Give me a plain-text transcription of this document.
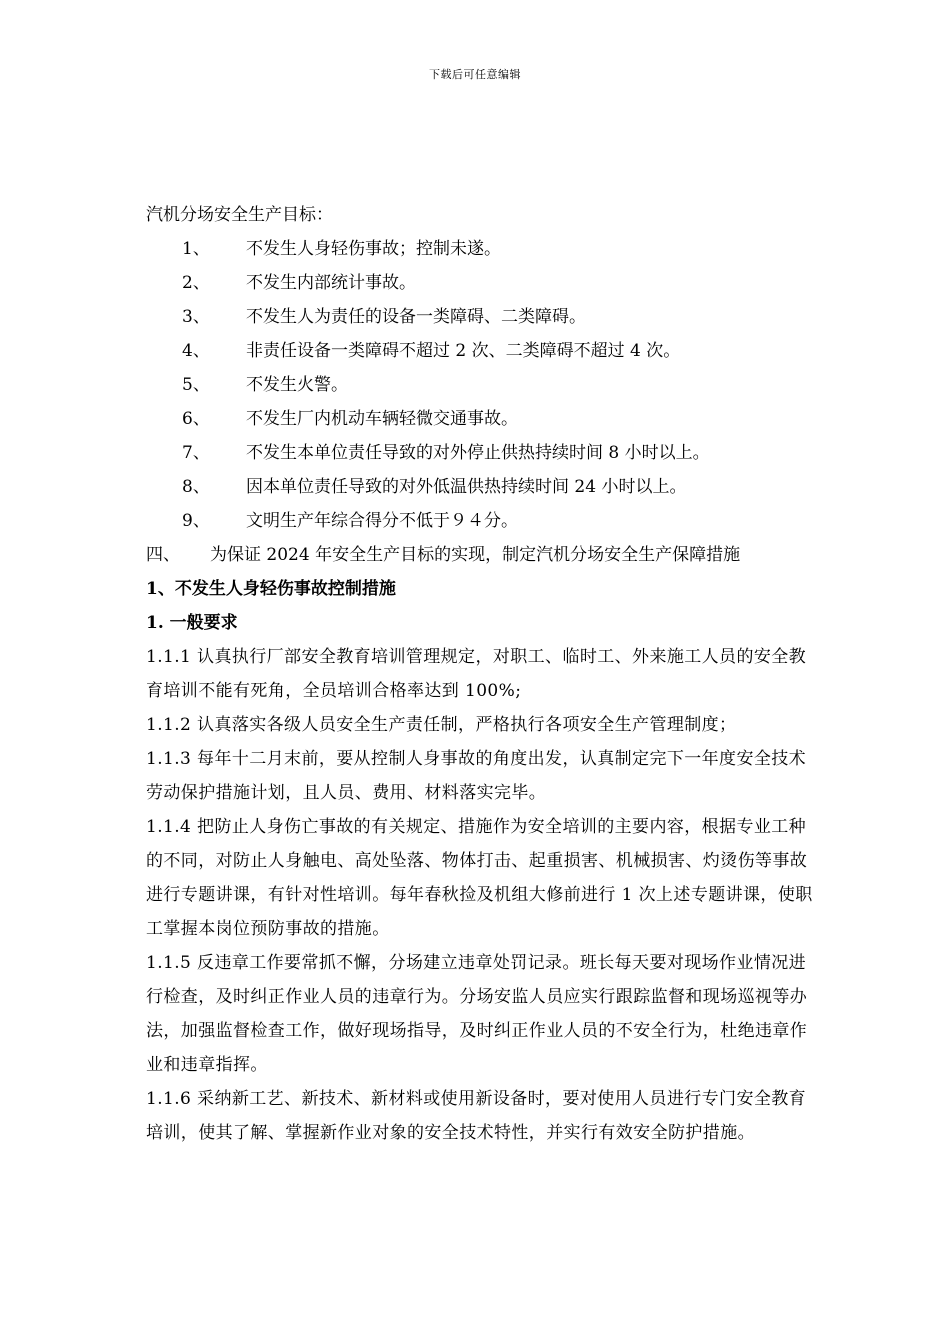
下载后可任意编辑
汽机分场安全生产目标：
1、 不发生人身轻伤事故；控制未遂。
2、 不发生内部统计事故。
3、 不发生人为责任的设备一类障碍、二类障碍。
4、 非责任设备一类障碍不超过 2 次、二类障碍不超过 4 次。
5、 不发生火警。
6、 不发生厂内机动车辆轻微交通事故。
7、 不发生本单位责任导致的对外停止供热持续时间 8 小时以上。
8、 因本单位责任导致的对外低温供热持续时间 24 小时以上。
9、 文明生产年综合得分不低于９４分。
四、 为保证 2024 年安全生产目标的实现，制定汽机分场安全生产保障措施
1、不发生人身轻伤事故控制措施
1. 一般要求
1.1.1 认真执行厂部安全教育培训管理规定，对职工、临时工、外来施工人员的安全教育培训不能有死角，全员培训合格率达到 100%;
1.1.2 认真落实各级人员安全生产责任制，严格执行各项安全生产管理制度；
1.1.3 每年十二月末前，要从控制人身事故的角度出发，认真制定完下一年度安全技术劳动保护措施计划，且人员、费用、材料落实完毕。
1.1.4 把防止人身伤亡事故的有关规定、措施作为安全培训的主要内容，根据专业工种的不同，对防止人身触电、高处坠落、物体打击、起重损害、机械损害、灼烫伤等事故进行专题讲课，有针对性培训。每年春秋捡及机组大修前进行 1 次上述专题讲课，使职工掌握本岗位预防事故的措施。
1.1.5 反违章工作要常抓不懈，分场建立违章处罚记录。班长每天要对现场作业情况进行检查，及时纠正作业人员的违章行为。分场安监人员应实行跟踪监督和现场巡视等办法，加强监督检查工作，做好现场指导，及时纠正作业人员的不安全行为，杜绝违章作业和违章指挥。
1.1.6 采纳新工艺、新技术、新材料或使用新设备时，要对使用人员进行专门安全教育培训，使其了解、掌握新作业对象的安全技术特性，并实行有效安全防护措施。
